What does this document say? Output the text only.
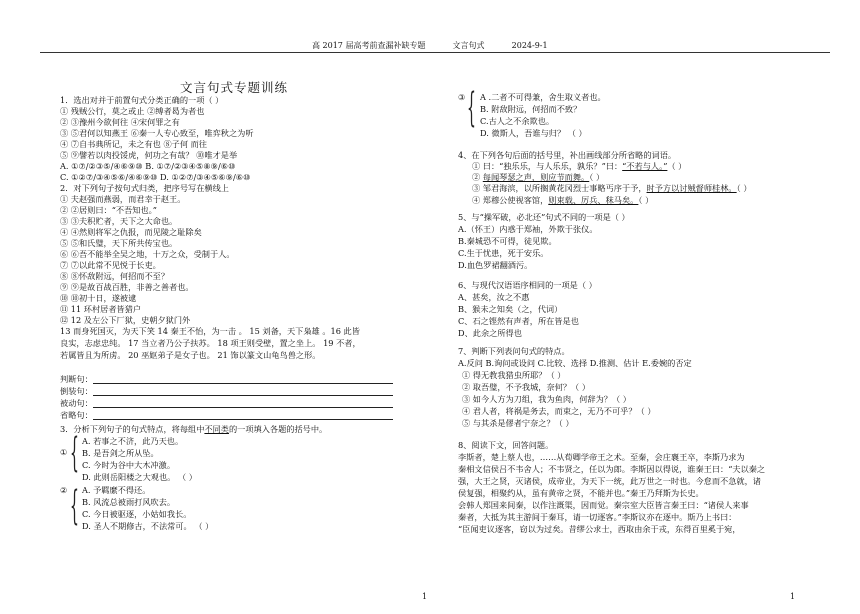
高 2017 届高考前查漏补缺专题	文言句式	2024-9-1
文言句式专题训练
1．选出对并于前置句式分类正确的一项（ ）
① 残贼公行，莫之或止 ②缚者曷为者也
② ③豫州今欲何往 ④宋何罪之有
③ ⑤君何以知燕王 ⑥秦一人专心致至，唯弈秋之为听
④ ⑦自书典所记，未之有也 ⑧子何 而往
⑤ ⑨譬若以肉投馁虎，何功之有哉？ ⑩唯才是举
A. ①⑦/②③⑤/④⑥⑨⑩ B. ①⑦/②③④⑤⑧⑨/⑥⑩
C. ①②⑦/③④⑤⑥/④⑥⑨⑩ D. ①②⑦/③④⑤⑥⑨/⑥⑩
2．对下列句子按句式归类，把序号写在横线上
① 夫赵强而燕弱，而君幸于赵王。
② ②居则曰：“不吾知也。”
③ ③夫积贮者，天下之大命也。
④ ④然则将军之仇报，而见陵之耻除矣
⑤ ⑤和氏璧，天下所共传宝也。
⑥ ⑥吾不能举全吴之地，十万之众，受制于人。
⑦ ⑦以此常不见悦于长吏。
⑧ ⑧怀敌附远，何招而不至？
⑨ ⑨是故百战百胜，非善之善者也。
⑩ ⑩初十日，遂被逮
⑪ 11 环村居者皆猎户
⑫ 12 及左公下厂狱，史朝夕狱门外
13 而身死国灭，为天下笑 14 秦王不怡，为一击 。 15 刘备，天下枭雄 。16 此皆
良实，志虑忠纯。 17 当立者乃公子扶苏。 18 项王则受壁，置之坐上。 19 不者，
若属皆且为所虏。 20 巫妪弟子是女子也。 21 饰以篆文山龟鸟兽之形。
判断句：
倒装句：
被动句：
省略句：
3．分析下列句子的句式特点，将每组中不同类的一项填入各题的括号中。
① { A. 若事之不济，此乃天也。
B. 是吾剑之所从坠。
C. 今时为谷中大木冲激。
D. 此则岳阳楼之大观也。 （ ）
② { A. 予羁縻不得还。
B. 风流总被雨打风吹去。
C. 今日被驱逐，小姑如我长。
D. 圣人不期修古，不法常可。 （ ）
③ { A .二者不可得兼，舍生取义者也。
B. 附敌附远，何招而不致？
C.古人之不余欺也。
D. 微斯人，吾谁与归？ （ ）
4、在下列各句后面的括号里，补出画线部分所省略的词语。
① 曰：“独乐乐，与人乐乐，孰乐？”曰：“不若与人。”（ ）
② 每闻琴瑟之声，则应节而舞。（ ）
③ 邹君海滨，以所搁黄花冈烈士事略丐序于予，时予方以讨贼督师桂林。（ ）
④ 郑穆公使视客馆，则束载、厉兵、秣马矣。（ ）
5、与“操军破，必北还”句式不同的一项是（ ）
A.（怀王）内惑于郑袖，外欺于张仪。
B.秦城恐不可得，徒见欺。
C.生于忧患，死于安乐。
D.血色罗裙翻酒污。
6、与现代汉语语序相同的一项是（ ）
A、甚矣，汝之不惠
B、猴未之知矣（之，代词）
C、石之铿然有声者，所在皆是也
D、此余之所得也
7、判断下列表问句式的特点。
A.反问 B.询问或设问 C.比较、选择 D.推测、估计 E.委婉的否定
① 得无教我猎虫所耶？（ ）
② 取吾璧，不予我城，奈何？（ ）
③ 如今人方为刀组，我为鱼肉，何辞为？（ ）
④ 君人者，将祸是务去，而束之，无乃不可乎？（ ）
⑤ 与其杀是僇者宁奈之？（ ）
8、阅读下文，回答问题。
李斯者，楚上蔡人也，……从荀卿学帝王之术。至秦，会庄襄王卒，李斯乃求为
秦相文信侯吕不韦舍人；不韦贤之，任以为郎。李斯因以得说，谁秦王曰：“夫以秦之
强，大王之贤，灭诸侯，成帝业，为天下一统，此万世之一时也。今怠而不急就，诸
侯复强，相聚约从，虽有黄帝之贤，不能并也。”秦王乃拜斯为长史。
会韩人郑国来间秦，以作注溉渠，因而觉。秦宗室大臣皆言秦王曰：“诸侯人来事
秦者，大抵为其主游间于秦耳，请一切逐客。”李斯议亦在逐中。斯乃上书曰：
“臣闻吏议逐客，窃以为过矣。昔缪公求士，西取由余于戎，东得百里奚于宛，
1	1
